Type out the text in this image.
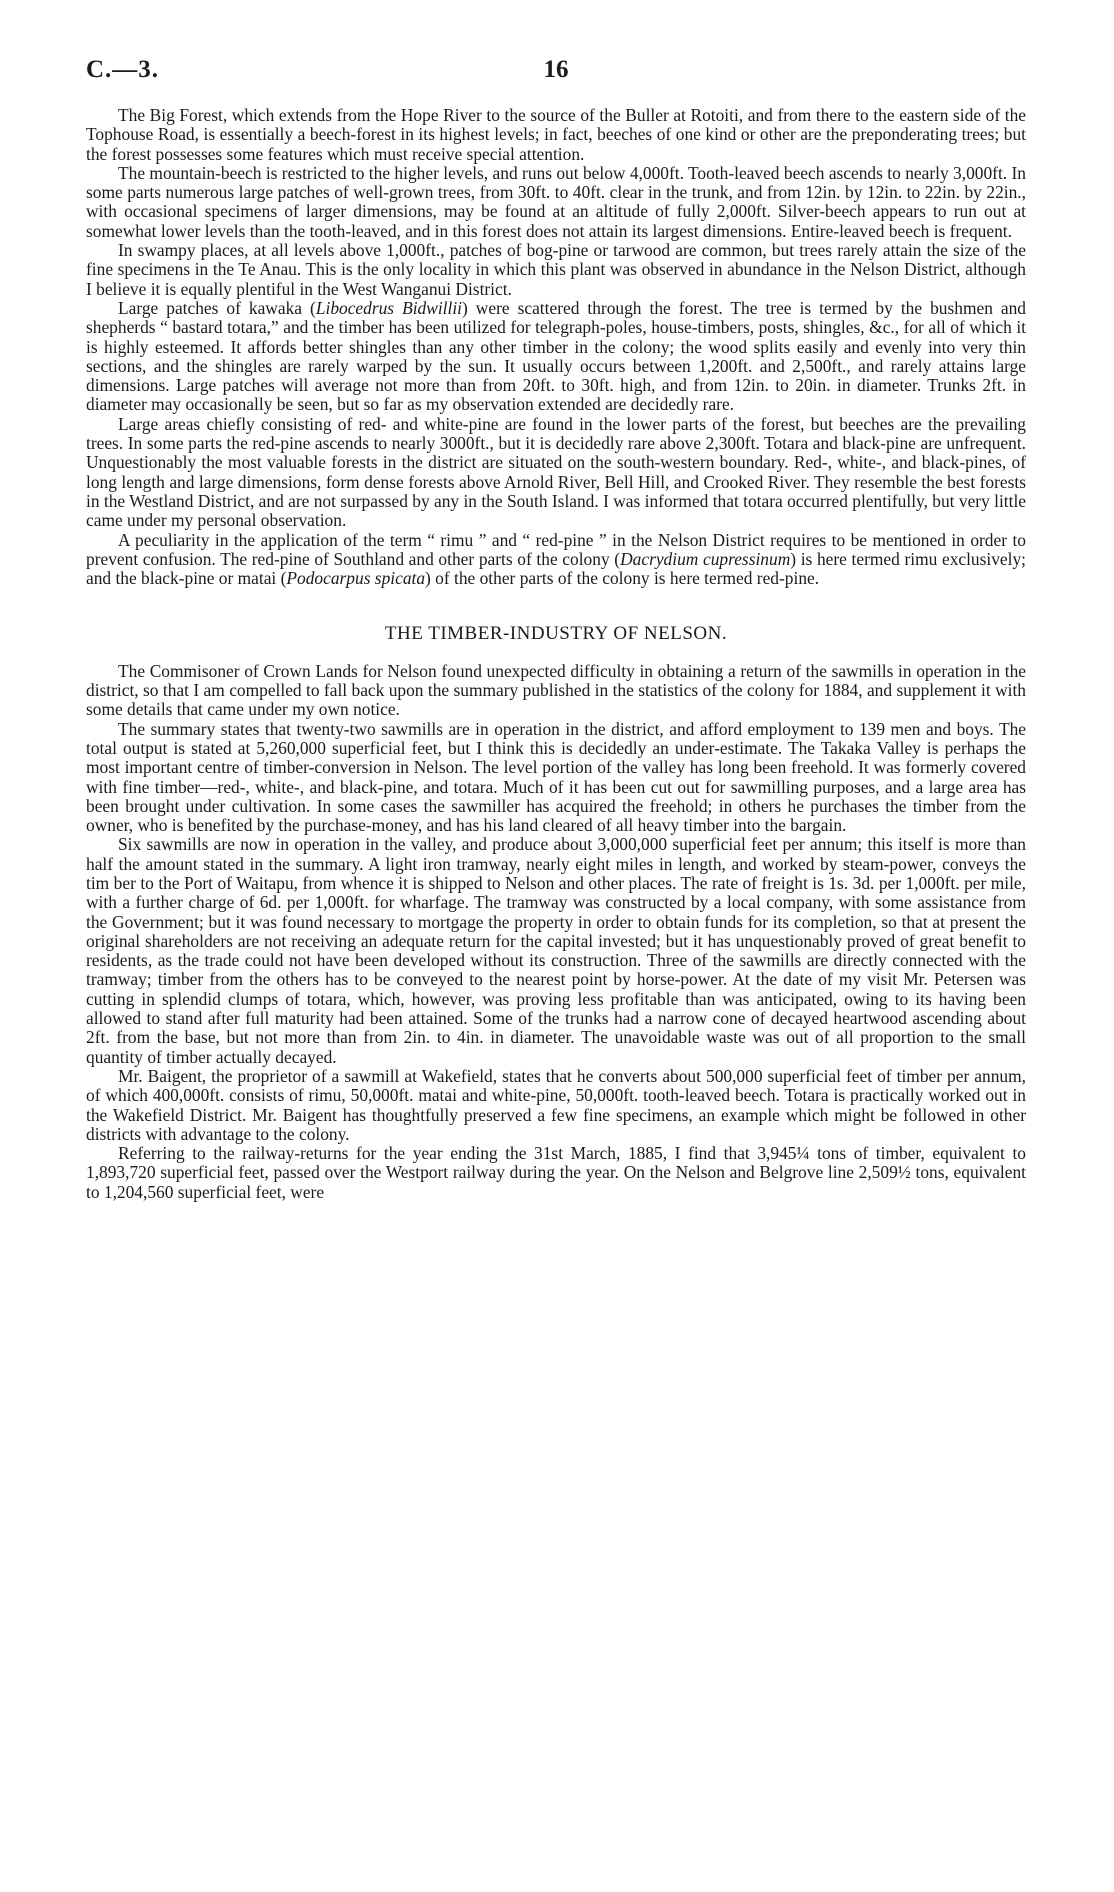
C.—3.	16

The Big Forest, which extends from the Hope River to the source of the Buller at Rotoiti, and from there to the eastern side of the Tophouse Road, is essentially a beech-forest in its highest levels; in fact, beeches of one kind or other are the preponderating trees; but the forest possesses some features which must receive special attention.

The mountain-beech is restricted to the higher levels, and runs out below 4,000ft. Tooth-leaved beech ascends to nearly 3,000ft. In some parts numerous large patches of well-grown trees, from 30ft. to 40ft. clear in the trunk, and from 12in. by 12in. to 22in. by 22in., with occasional specimens of larger dimensions, may be found at an altitude of fully 2,000ft. Silver-beech appears to run out at somewhat lower levels than the tooth-leaved, and in this forest does not attain its largest dimensions. Entire-leaved beech is frequent.

In swampy places, at all levels above 1,000ft., patches of bog-pine or tarwood are common, but trees rarely attain the size of the fine specimens in the Te Anau. This is the only locality in which this plant was observed in abundance in the Nelson District, although I believe it is equally plentiful in the West Wanganui District.

Large patches of kawaka (Libocedrus Bidwillii) were scattered through the forest. The tree is termed by the bushmen and shepherds “ bastard totara,” and the timber has been utilized for telegraph-poles, house-timbers, posts, shingles, &c., for all of which it is highly esteemed. It affords better shingles than any other timber in the colony; the wood splits easily and evenly into very thin sections, and the shingles are rarely warped by the sun. It usually occurs between 1,200ft. and 2,500ft., and rarely attains large dimensions. Large patches will average not more than from 20ft. to 30ft. high, and from 12in. to 20in. in diameter. Trunks 2ft. in diameter may occasionally be seen, but so far as my observation extended are decidedly rare.

Large areas chiefly consisting of red- and white-pine are found in the lower parts of the forest, but beeches are the prevailing trees. In some parts the red-pine ascends to nearly 3000ft., but it is decidedly rare above 2,300ft. Totara and black-pine are unfrequent. Unquestionably the most valuable forests in the district are situated on the south-western boundary. Red-, white-, and black-pines, of long length and large dimensions, form dense forests above Arnold River, Bell Hill, and Crooked River. They resemble the best forests in the Westland District, and are not surpassed by any in the South Island. I was informed that totara occurred plentifully, but very little came under my personal observation.

A peculiarity in the application of the term “ rimu ” and “ red-pine ” in the Nelson District requires to be mentioned in order to prevent confusion. The red-pine of Southland and other parts of the colony (Dacrydium cupressinum) is here termed rimu exclusively; and the black-pine or matai (Podocarpus spicata) of the other parts of the colony is here termed red-pine.

THE TIMBER-INDUSTRY OF NELSON.

The Commisoner of Crown Lands for Nelson found unexpected difficulty in obtaining a return of the sawmills in operation in the district, so that I am compelled to fall back upon the summary published in the statistics of the colony for 1884, and supplement it with some details that came under my own notice.

The summary states that twenty-two sawmills are in operation in the district, and afford employment to 139 men and boys. The total output is stated at 5,260,000 superficial feet, but I think this is decidedly an under-estimate. The Takaka Valley is perhaps the most important centre of timber-conversion in Nelson. The level portion of the valley has long been freehold. It was formerly covered with fine timber—red-, white-, and black-pine, and totara. Much of it has been cut out for sawmilling purposes, and a large area has been brought under cultivation. In some cases the sawmiller has acquired the freehold; in others he purchases the timber from the owner, who is benefited by the purchase-money, and has his land cleared of all heavy timber into the bargain.

Six sawmills are now in operation in the valley, and produce about 3,000,000 superficial feet per annum; this itself is more than half the amount stated in the summary. A light iron tramway, nearly eight miles in length, and worked by steam-power, conveys the tim ber to the Port of Waitapu, from whence it is shipped to Nelson and other places. The rate of freight is 1s. 3d. per 1,000ft. per mile, with a further charge of 6d. per 1,000ft. for wharfage. The tramway was constructed by a local company, with some assistance from the Government; but it was found necessary to mortgage the property in order to obtain funds for its completion, so that at present the original shareholders are not receiving an adequate return for the capital invested; but it has unquestionably proved of great benefit to residents, as the trade could not have been developed without its construction. Three of the sawmills are directly connected with the tramway; timber from the others has to be conveyed to the nearest point by horse-power. At the date of my visit Mr. Petersen was cutting in splendid clumps of totara, which, however, was proving less profitable than was anticipated, owing to its having been allowed to stand after full maturity had been attained. Some of the trunks had a narrow cone of decayed heartwood ascending about 2ft. from the base, but not more than from 2in. to 4in. in diameter. The unavoidable waste was out of all proportion to the small quantity of timber actually decayed.

Mr. Baigent, the proprietor of a sawmill at Wakefield, states that he converts about 500,000 superficial feet of timber per annum, of which 400,000ft. consists of rimu, 50,000ft. matai and white-pine, 50,000ft. tooth-leaved beech. Totara is practically worked out in the Wakefield District. Mr. Baigent has thoughtfully preserved a few fine specimens, an example which might be followed in other districts with advantage to the colony.

Referring to the railway-returns for the year ending the 31st March, 1885, I find that 3,945¼ tons of timber, equivalent to 1,893,720 superficial feet, passed over the Westport railway during the year. On the Nelson and Belgrove line 2,509½ tons, equivalent to 1,204,560 superficial feet, were
